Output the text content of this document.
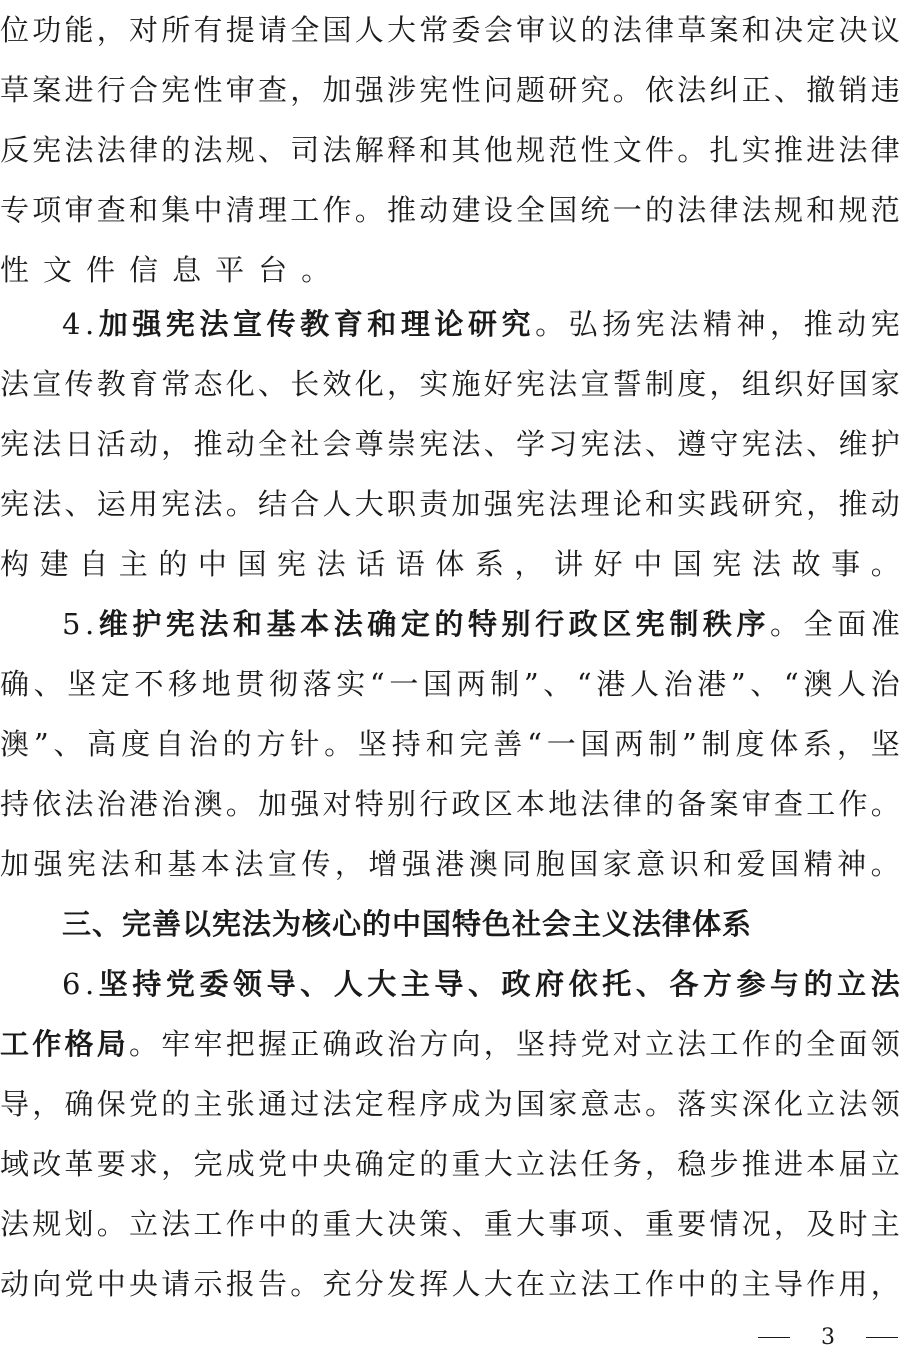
位 功 能 ， 对 所 有 提 请 全 国 人 大 常 委 会 审 议 的 法 律 草 案 和 决 定 决 议
草 案 进 行 合 宪 性 审 查 ， 加 强 涉 宪 性 问 题 研 究 。 依 法 纠 正 、 撤 销 违
反 宪 法 法 律 的 法 规 、 司 法 解 释 和 其 他 规 范 性 文 件 。 扎 实 推 进 法 律
专 项 审 查 和 集 中 清 理 工 作 。 推 动 建 设 全 国 统 一 的 法 律 法 规 和 规 范
性 文 件 信 息 平 台 。
4 . 加 强 宪 法 宣 传 教 育 和 理 论 研 究 。 弘 扬 宪 法 精 神 ， 推 动 宪
法 宣 传 教 育 常 态 化 、 长 效 化 ， 实 施 好 宪 法 宣 誓 制 度 ， 组 织 好 国 家
宪 法 日 活 动 ， 推 动 全 社 会 尊 崇 宪 法 、 学 习 宪 法 、 遵 守 宪 法 、 维 护
宪 法 、 运 用 宪 法 。 结 合 人 大 职 责 加 强 宪 法 理 论 和 实 践 研 究 ， 推 动
构 建 自 主 的 中 国 宪 法 话 语 体 系 ， 讲 好 中 国 宪 法 故 事 。
5 . 维 护 宪 法 和 基 本 法 确 定 的 特 别 行 政 区 宪 制 秩 序 。 全 面 准
确 、 坚 定 不 移 地 贯 彻 落 实 “ 一 国 两 制 ” 、 “ 港 人 治 港 ” 、 “ 澳 人 治
澳 ” 、 高 度 自 治 的 方 针 。 坚 持 和 完 善 “ 一 国 两 制 ” 制 度 体 系 ， 坚
持 依 法 治 港 治 澳 。 加 强 对 特 别 行 政 区 本 地 法 律 的 备 案 审 查 工 作 。
加 强 宪 法 和 基 本 法 宣 传 ， 增 强 港 澳 同 胞 国 家 意 识 和 爱 国 精 神 。
三、完善以宪法为核心的中国特色社会主义法律体系
6 . 坚 持 党 委 领 导 、 人 大 主 导 、 政 府 依 托 、 各 方 参 与 的 立 法
工 作 格 局 。 牢 牢 把 握 正 确 政 治 方 向 ， 坚 持 党 对 立 法 工 作 的 全 面 领
导 ， 确 保 党 的 主 张 通 过 法 定 程 序 成 为 国 家 意 志 。 落 实 深 化 立 法 领
域 改 革 要 求 ， 完 成 党 中 央 确 定 的 重 大 立 法 任 务 ， 稳 步 推 进 本 届 立
法 规 划 。 立 法 工 作 中 的 重 大 决 策 、 重 大 事 项 、 重 要 情 况 ， 及 时 主
动 向 党 中 央 请 示 报 告 。 充 分 发 挥 人 大 在 立 法 工 作 中 的 主 导 作 用 ，
3
